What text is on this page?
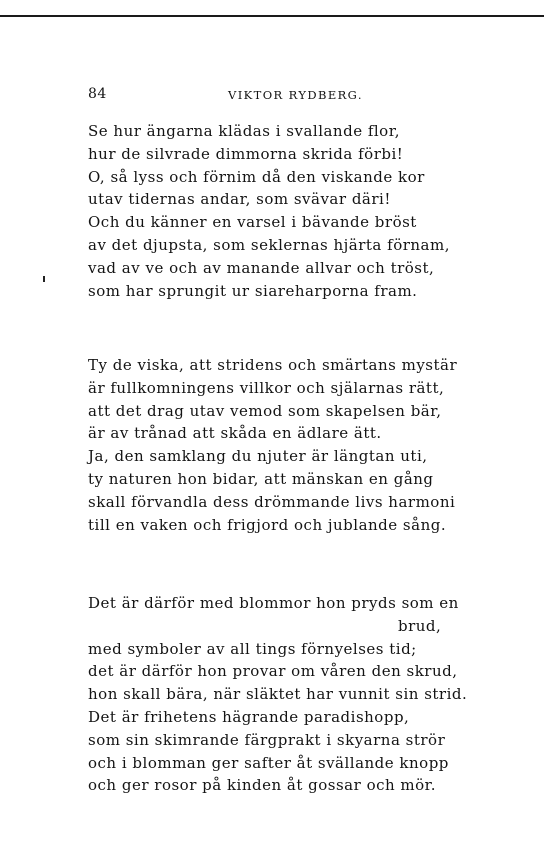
84	VIKTOR RYDBERG.
Se hur ängarna klädas i svallande flor,
hur de silvrade dimmorna skrida förbi!
O, så lyss och förnim då den viskande kor
utav tidernas andar, som svävar däri!
Och du känner en varsel i bävande bröst
av det djupsta, som seklernas hjärta förnam,
vad av ve och av manande allvar och tröst,
som har sprungit ur siareharporna fram.
Ty de viska, att stridens och smärtans mystär
är fullkomningens villkor och själarnas rätt,
att det drag utav vemod som skapelsen bär,
är av trånad att skåda en ädlare ätt.
Ja, den samklang du njuter är längtan uti,
ty naturen hon bidar, att mänskan en gång
skall förvandla dess drömmande livs harmoni
till en vaken och frigjord och jublande sång.
Det är därför med blommor hon pryds som en
brud,
med symboler av all tings förnyelses tid;
det är därför hon provar om våren den skrud,
hon skall bära, när släktet har vunnit sin strid.
Det är frihetens hägrande paradishopp,
som sin skimrande färgprakt i skyarna strör
och i blomman ger safter åt svällande knopp
och ger rosor på kinden åt gossar och mör.
